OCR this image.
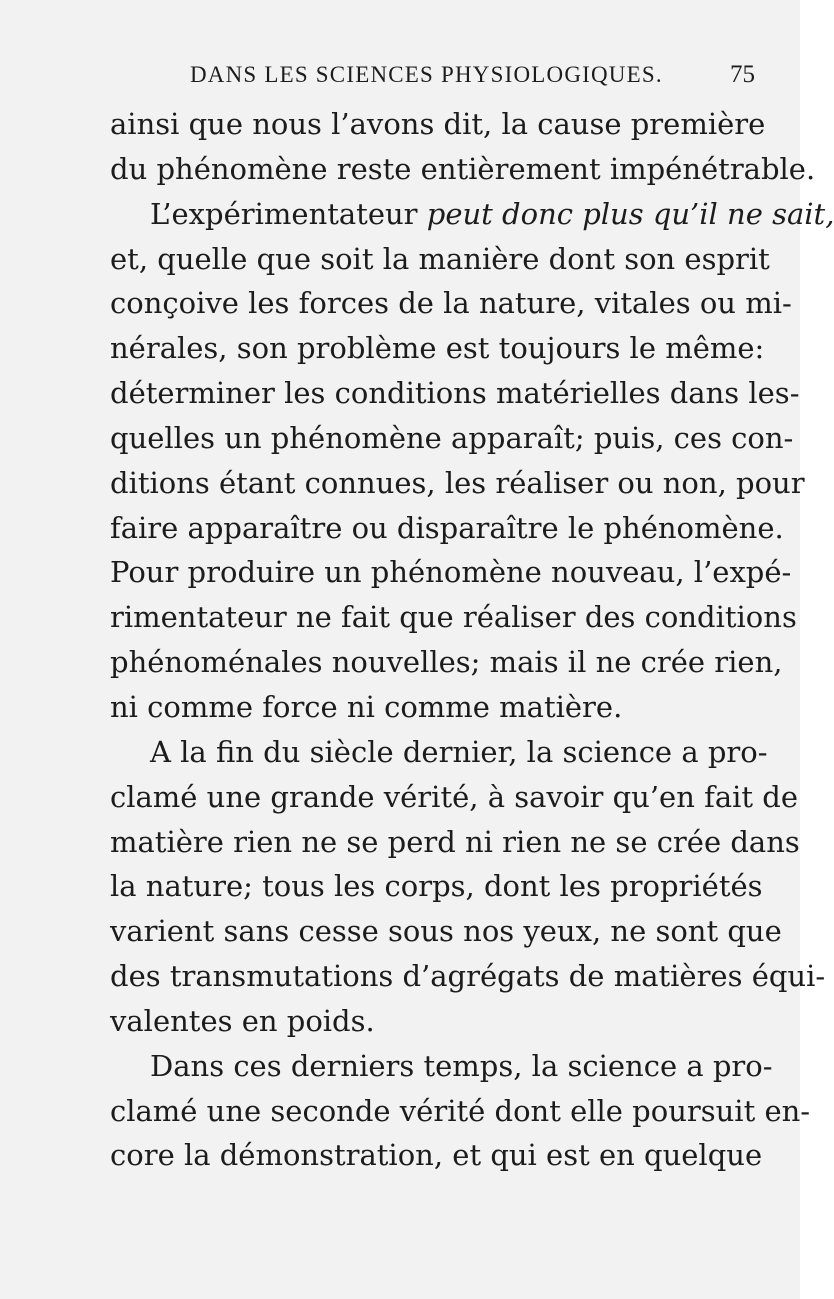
DANS LES SCIENCES PHYSIOLOGIQUES.	75
ainsi que nous l’avons dit, la cause première
du phénomène reste entièrement impénétrable.
L’expérimentateur peut donc plus qu’il ne sait,
et, quelle que soit la manière dont son esprit
conçoive les forces de la nature, vitales ou mi-
nérales, son problème est toujours le même:
déterminer les conditions matérielles dans les-
quelles un phénomène apparaît; puis, ces con-
ditions étant connues, les réaliser ou non, pour
faire apparaître ou disparaître le phénomène.
Pour produire un phénomène nouveau, l’expé-
rimentateur ne fait que réaliser des conditions
phénoménales nouvelles; mais il ne crée rien,
ni comme force ni comme matière.
A la fin du siècle dernier, la science a pro-
clamé une grande vérité, à savoir qu’en fait de
matière rien ne se perd ni rien ne se crée dans
la nature; tous les corps, dont les propriétés
varient sans cesse sous nos yeux, ne sont que
des transmutations d’agrégats de matières équi-
valentes en poids.
Dans ces derniers temps, la science a pro-
clamé une seconde vérité dont elle poursuit en-
core la démonstration, et qui est en quelque
